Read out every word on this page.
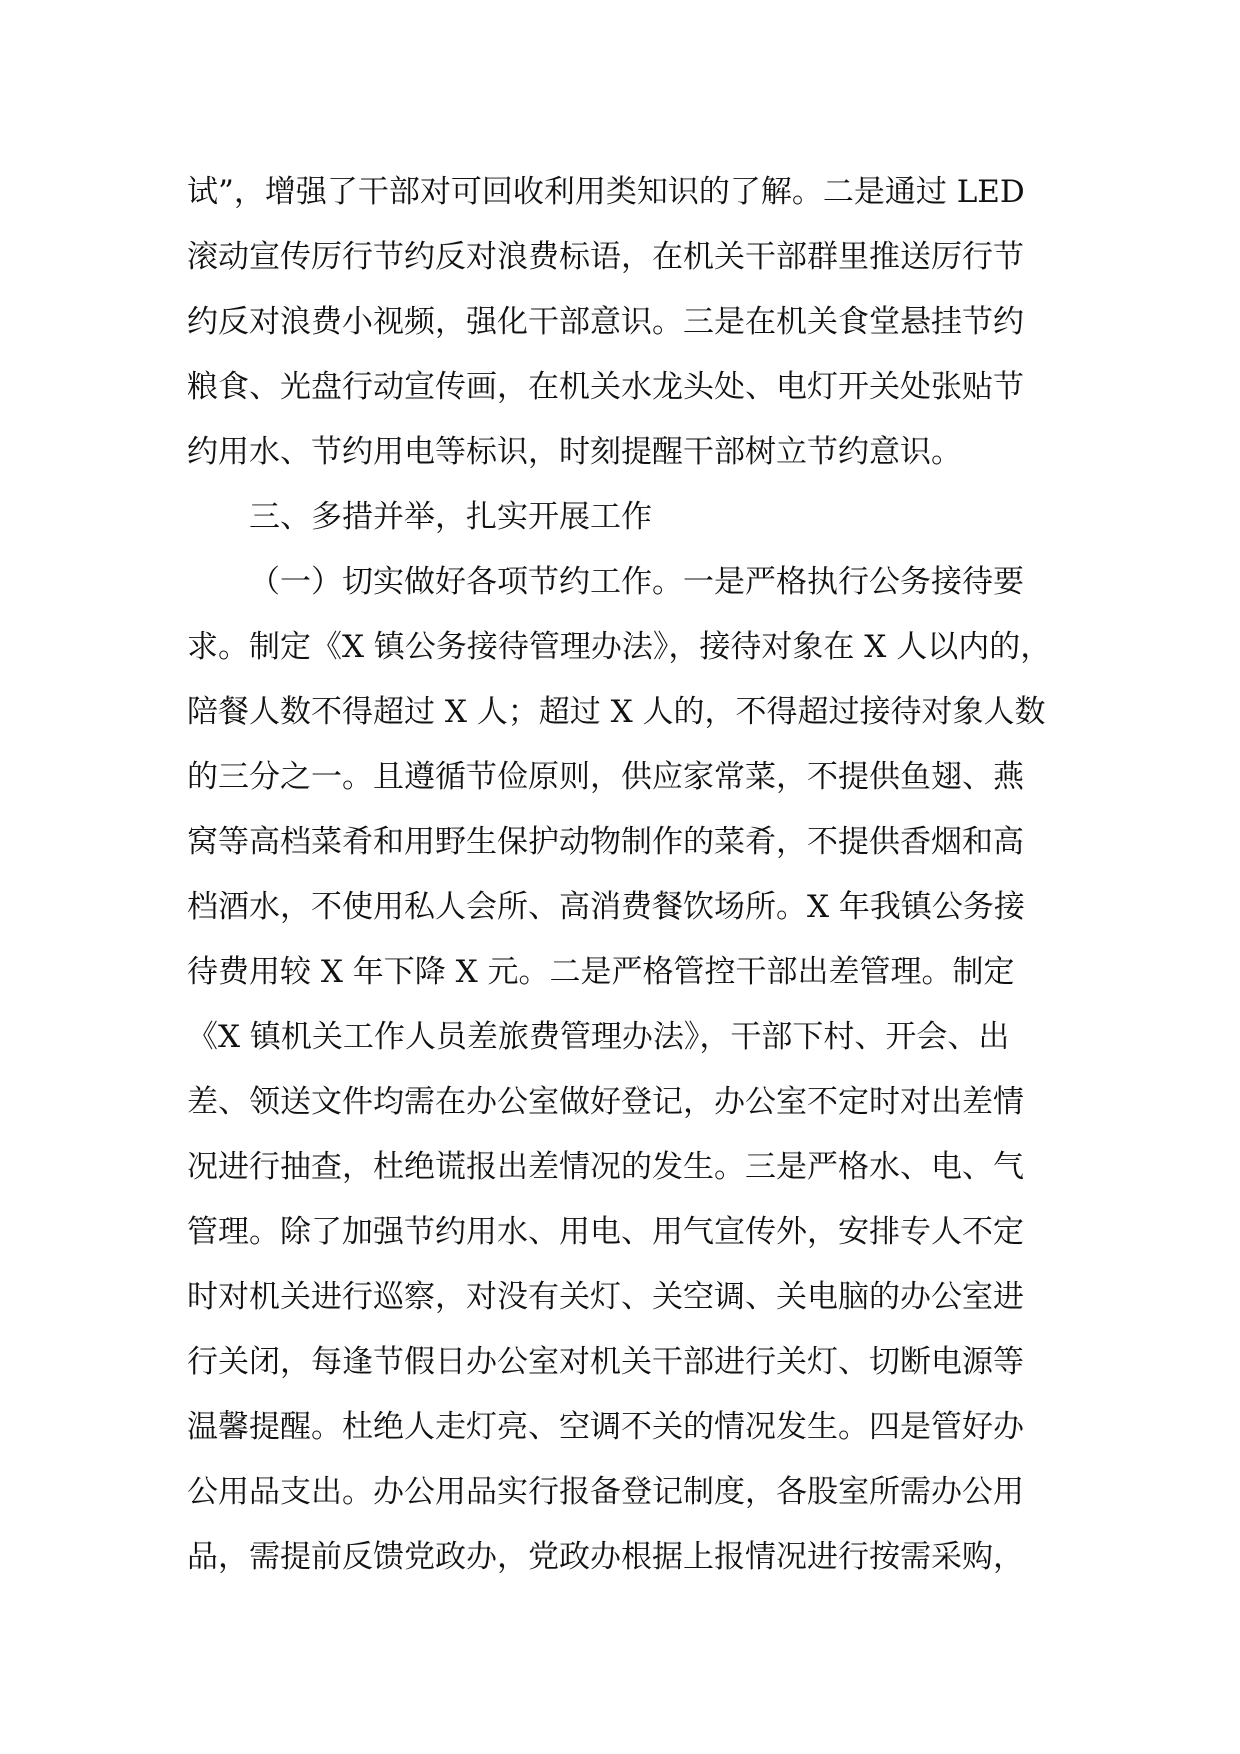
试”，增强了干部对可回收利用类知识的了解。二是通过 LED
滚动宣传厉行节约反对浪费标语，在机关干部群里推送厉行节
约反对浪费小视频，强化干部意识。三是在机关食堂悬挂节约
粮食、光盘行动宣传画，在机关水龙头处、电灯开关处张贴节
约用水、节约用电等标识，时刻提醒干部树立节约意识。
三、多措并举，扎实开展工作
（一）切实做好各项节约工作。一是严格执行公务接待要
求。制定《X 镇公务接待管理办法》，接待对象在 X 人以内的，
陪餐人数不得超过 X 人；超过 X 人的，不得超过接待对象人数
的三分之一。且遵循节俭原则，供应家常菜，不提供鱼翅、燕
窝等高档菜肴和用野生保护动物制作的菜肴，不提供香烟和高
档酒水，不使用私人会所、高消费餐饮场所。X 年我镇公务接
待费用较 X 年下降 X 元。二是严格管控干部出差管理。制定
《X 镇机关工作人员差旅费管理办法》，干部下村、开会、出
差、领送文件均需在办公室做好登记，办公室不定时对出差情
况进行抽查，杜绝谎报出差情况的发生。三是严格水、电、气
管理。除了加强节约用水、用电、用气宣传外，安排专人不定
时对机关进行巡察，对没有关灯、关空调、关电脑的办公室进
行关闭，每逢节假日办公室对机关干部进行关灯、切断电源等
温馨提醒。杜绝人走灯亮、空调不关的情况发生。四是管好办
公用品支出。办公用品实行报备登记制度，各股室所需办公用
品，需提前反馈党政办，党政办根据上报情况进行按需采购，
